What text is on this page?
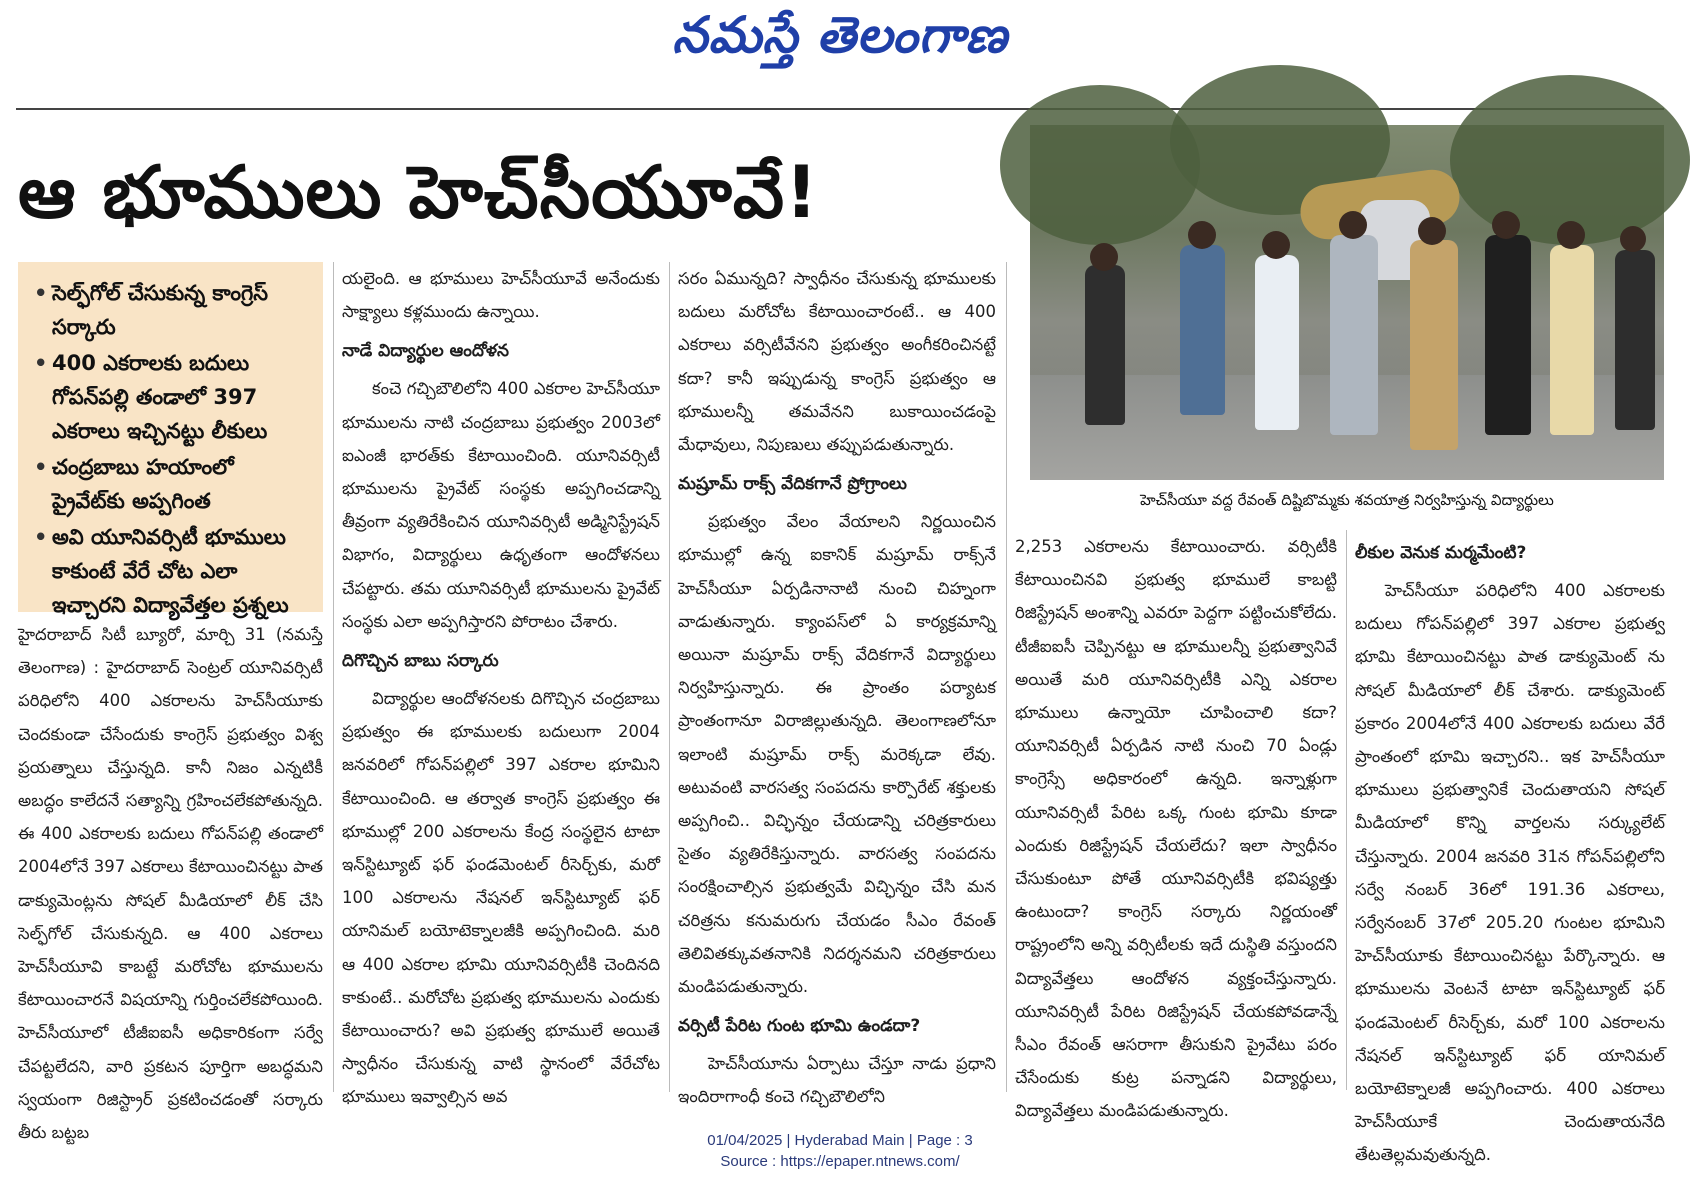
నమస్తే తెలంగాణ
ఆ భూములు హెచ్‌సీయూవే!
హెచ్‌సీయూ వద్ద రేవంత్ దిష్టిబొమ్మకు శవయాత్ర నిర్వహిస్తున్న విద్యార్థులు
• సెల్ఫ్‌గోల్ చేసుకున్న కాంగ్రెస్ సర్కారు
• 400 ఎకరాలకు బదులు గోపన్‌పల్లి తండాలో 397 ఎకరాలు ఇచ్చినట్టు లీకులు
• చంద్రబాబు హయాంలో ప్రైవేట్‌కు అప్పగింత
• అవి యూనివర్సిటీ భూములు కాకుంటే వేరే చోట ఎలా ఇచ్చారని విద్యావేత్తల ప్రశ్నలు

హైదరాబాద్ సిటీ బ్యూరో, మార్చి 31 (నమస్తే తెలంగాణ) : హైదరాబాద్ సెంట్రల్ యూనివర్సిటీ పరిధిలోని 400 ఎకరాలను హెచ్‌సీయూకు చెందకుండా చేసేందుకు కాంగ్రెస్ ప్రభుత్వం విశ్వ ప్రయత్నాలు చేస్తున్నది. కానీ నిజం ఎన్నటికీ అబద్ధం కాలేదనే సత్యాన్ని గ్రహించలేకపోతున్నది. ఈ 400 ఎకరాలకు బదులు గోపన్‌పల్లి తండాలో 2004లోనే 397 ఎకరాలు కేటాయించినట్టు పాత డాక్యుమెంట్లను సోషల్ మీడియాలో లీక్ చేసి సెల్ఫ్‌గోల్ చేసుకున్నది. ఆ 400 ఎకరాలు హెచ్‌సీయూవి కాబట్టే మరోచోట భూములను కేటాయించారనే విషయాన్ని గుర్తించలేకపోయింది. హెచ్‌సీయూలో టీజీఐఐసీ అధికారికంగా సర్వే చేపట్టలేదని, వారి ప్రకటన పూర్తిగా అబద్ధమని స్వయంగా రిజిస్ట్రార్ ప్రకటించడంతో సర్కారు తీరు బట్టబ

యలైంది. ఆ భూములు హెచ్‌సీయూవే అనేందుకు సాక్ష్యాలు కళ్లముందు ఉన్నాయి.

నాడే విద్యార్థుల ఆందోళన

కంచె గచ్చిబౌలిలోని 400 ఎకరాల హెచ్‌సీయూ భూములను నాటి చంద్రబాబు ప్రభుత్వం 2003లో ఐఎంజీ భారత్‌కు కేటాయించింది. యూనివర్సిటీ భూములను ప్రైవేట్ సంస్థకు అప్పగించడాన్ని తీవ్రంగా వ్యతిరేకించిన యూనివర్సిటీ అడ్మినిస్ట్రేషన్ విభాగం, విద్యార్థులు ఉధృతంగా ఆందోళనలు చేపట్టారు. తమ యూనివర్సిటీ భూములను ప్రైవేట్ సంస్థకు ఎలా అప్పగిస్తారని పోరాటం చేశారు.

దిగొచ్చిన బాబు సర్కారు

విద్యార్థుల ఆందోళనలకు దిగొచ్చిన చంద్రబాబు ప్రభుత్వం ఈ భూములకు బదులుగా 2004 జనవరిలో గోపన్‌పల్లిలో 397 ఎకరాల భూమిని కేటాయించింది. ఆ తర్వాత కాంగ్రెస్ ప్రభుత్వం ఈ భూముల్లో 200 ఎకరాలను కేంద్ర సంస్థలైన టాటా ఇన్‌స్టిట్యూట్ ఫర్ ఫండమెంటల్ రీసెర్చ్‌కు, మరో 100 ఎకరాలను నేషనల్ ఇన్‌స్టిట్యూట్ ఫర్ యానిమల్ బయోటెక్నాలజీకి అప్పగించింది. మరి ఆ 400 ఎకరాల భూమి యూనివర్సిటీకి చెందినది కాకుంటే.. మరోచోట ప్రభుత్వ భూములను ఎందుకు కేటాయించారు? అవి ప్రభుత్వ భూములే అయితే స్వాధీనం చేసుకున్న వాటి స్థానంలో వేరేచోట భూములు ఇవ్వాల్సిన అవ

సరం ఏమున్నది? స్వాధీనం చేసుకున్న భూములకు బదులు మరోచోట కేటాయించారంటే.. ఆ 400 ఎకరాలు వర్సిటీవేనని ప్రభుత్వం అంగీకరించినట్టే కదా? కానీ ఇప్పుడున్న కాంగ్రెస్ ప్రభుత్వం ఆ భూములన్నీ తమవేనని బుకాయించడంపై మేధావులు, నిపుణులు తప్పుపడుతున్నారు.

మష్రూమ్ రాక్స్ వేదికగానే ప్రోగ్రాంలు

ప్రభుత్వం వేలం వేయాలని నిర్ణయించిన భూముల్లో ఉన్న ఐకానిక్ మష్రూమ్ రాక్స్‌నే హెచ్‌సీయూ ఏర్పడినానాటి నుంచి చిహ్నంగా వాడుతున్నారు. క్యాంపస్‌లో ఏ కార్యక్రమాన్ని అయినా మష్రూమ్ రాక్స్ వేదికగానే విద్యార్థులు నిర్వహిస్తున్నారు. ఈ ప్రాంతం పర్యాటక ప్రాంతంగానూ విరాజిల్లుతున్నది. తెలంగాణలోనూ ఇలాంటి మష్రూమ్ రాక్స్ మరెక్కడా లేవు. అటువంటి వారసత్వ సంపదను కార్పొరేట్ శక్తులకు అప్పగించి.. విచ్ఛిన్నం చేయడాన్ని చరిత్రకారులు సైతం వ్యతిరేకిస్తున్నారు. వారసత్వ సంపదను సంరక్షించాల్సిన ప్రభుత్వమే విచ్ఛిన్నం చేసి మన చరిత్రను కనుమరుగు చేయడం సీఎం రేవంత్ తెలివితక్కువతనానికి నిదర్శనమని చరిత్రకారులు మండిపడుతున్నారు.

వర్సిటీ పేరిట గుంట భూమి ఉండదా?

హెచ్‌సీయూను ఏర్పాటు చేస్తూ నాడు ప్రధాని ఇందిరాగాంధీ కంచె గచ్చిబౌలిలోని

2,253 ఎకరాలను కేటాయించారు. వర్సిటీకి కేటాయించినవి ప్రభుత్వ భూములే కాబట్టి రిజిస్ట్రేషన్ అంశాన్ని ఎవరూ పెద్దగా పట్టించుకోలేదు. టీజీఐఐసీ చెప్పినట్టు ఆ భూములన్నీ ప్రభుత్వానివే అయితే మరి యూనివర్సిటీకి ఎన్ని ఎకరాల భూములు ఉన్నాయో చూపించాలి కదా? యూనివర్సిటీ ఏర్పడిన నాటి నుంచి 70 ఏండ్లు కాంగ్రెస్సే అధికారంలో ఉన్నది. ఇన్నాళ్లుగా యూనివర్సిటీ పేరిట ఒక్క గుంట భూమి కూడా ఎందుకు రిజిస్ట్రేషన్ చేయలేదు? ఇలా స్వాధీనం చేసుకుంటూ పోతే యూనివర్సిటీకి భవిష్యత్తు ఉంటుందా? కాంగ్రెస్ సర్కారు నిర్ణయంతో రాష్ట్రంలోని అన్ని వర్సిటీలకు ఇదే దుస్థితి వస్తుందని విద్యావేత్తలు ఆందోళన వ్యక్తంచేస్తున్నారు. యూనివర్సిటీ పేరిట రిజిస్ట్రేషన్ చేయకపోవడాన్నే సీఎం రేవంత్ ఆసరాగా తీసుకుని ప్రైవేటు పరం చేసేందుకు కుట్ర పన్నాడని విద్యార్థులు, విద్యావేత్తలు మండిపడుతున్నారు.

లీకుల వెనుక మర్మమేంటి?

హెచ్‌సీయూ పరిధిలోని 400 ఎకరాలకు బదులు గోపన్‌పల్లిలో 397 ఎకరాల ప్రభుత్వ భూమి కేటాయించినట్టు పాత డాక్యుమెంట్ ను సోషల్ మీడియాలో లీక్ చేశారు. డాక్యుమెంట్ ప్రకారం 2004లోనే 400 ఎకరాలకు బదులు వేరే ప్రాంతంలో భూమి ఇచ్చారని.. ఇక హెచ్‌సీయూ భూములు ప్రభుత్వానికే చెందుతాయని సోషల్ మీడియాలో కొన్ని వార్తలను సర్క్యులేట్ చేస్తున్నారు. 2004 జనవరి 31న గోపన్‌పల్లిలోని సర్వే నంబర్ 36లో 191.36 ఎకరాలు, సర్వేనంబర్ 37లో 205.20 గుంటల భూమిని హెచ్‌సీయూకు కేటాయించినట్టు పేర్కొన్నారు. ఆ భూములను వెంటనే టాటా ఇన్‌స్టిట్యూట్ ఫర్ ఫండమెంటల్ రీసెర్చ్‌కు, మరో 100 ఎకరాలను నేషనల్ ఇన్‌స్టిట్యూట్ ఫర్ యానిమల్ బయోటెక్నాలజీ అప్పగించారు. 400 ఎకరాలు హెచ్‌సీయూకే చెందుతాయనేది తేటతెల్లమవుతున్నది.

01/04/2025 | Hyderabad Main | Page : 3
Source : https://epaper.ntnews.com/
